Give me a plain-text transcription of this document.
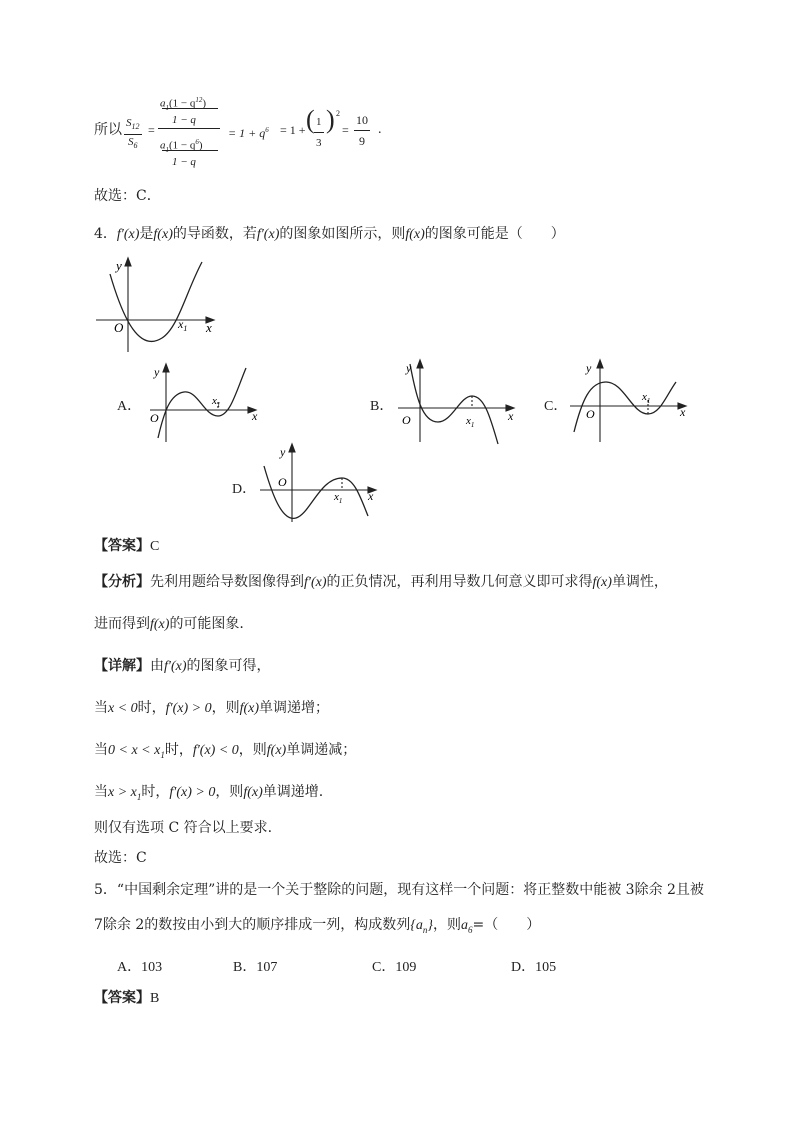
所以 $\frac{S_{12}}{S_6}$ =
$a_1(1 - q^{12})$
1 − q
$a_1(1 - q^6)$
1 − q
= $1 + q^6 = 1$ + ( $\frac{1}{3}$ ) 2
= $\frac{10}{9}$ .
故选：C．
4．f′(x)是f(x)的导函数，若f′(x)的图象如图所示，则f(x)的图象可能是（　　）
y
O	$x_1$ x
A．
y
O
$x_1$
x
B．
y
O	$x_1$
x
C．
y
O
$x_1$
x
D．
y
O
$x_1$ x
【答案】C
【分析】先利用题给导数图像得到f′(x)的正负情况，再利用导数几何意义即可求得f(x)单调性，
进而得到f(x)的可能图象.
【详解】由f′(x)的图象可得，
当x < 0时，f′(x) > 0，则f(x)单调递增；
当$0 < x < x_1$时，f′(x) < 0，则f(x)单调递减；
当$x > x_1$时，f′(x) > 0，则f(x)单调递增.
则仅有选项 C 符合以上要求.
故选：C
5．“中国剩余定理”讲的是一个关于整除的问题，现有这样一个问题：将正整数中能被 3除余 2且被
7除余 2的数按由小到大的顺序排成一列，构成数列$\{a_n\}$，则$a_6=$（　　）
A．103	B．107	C．109	D．105
【答案】B
